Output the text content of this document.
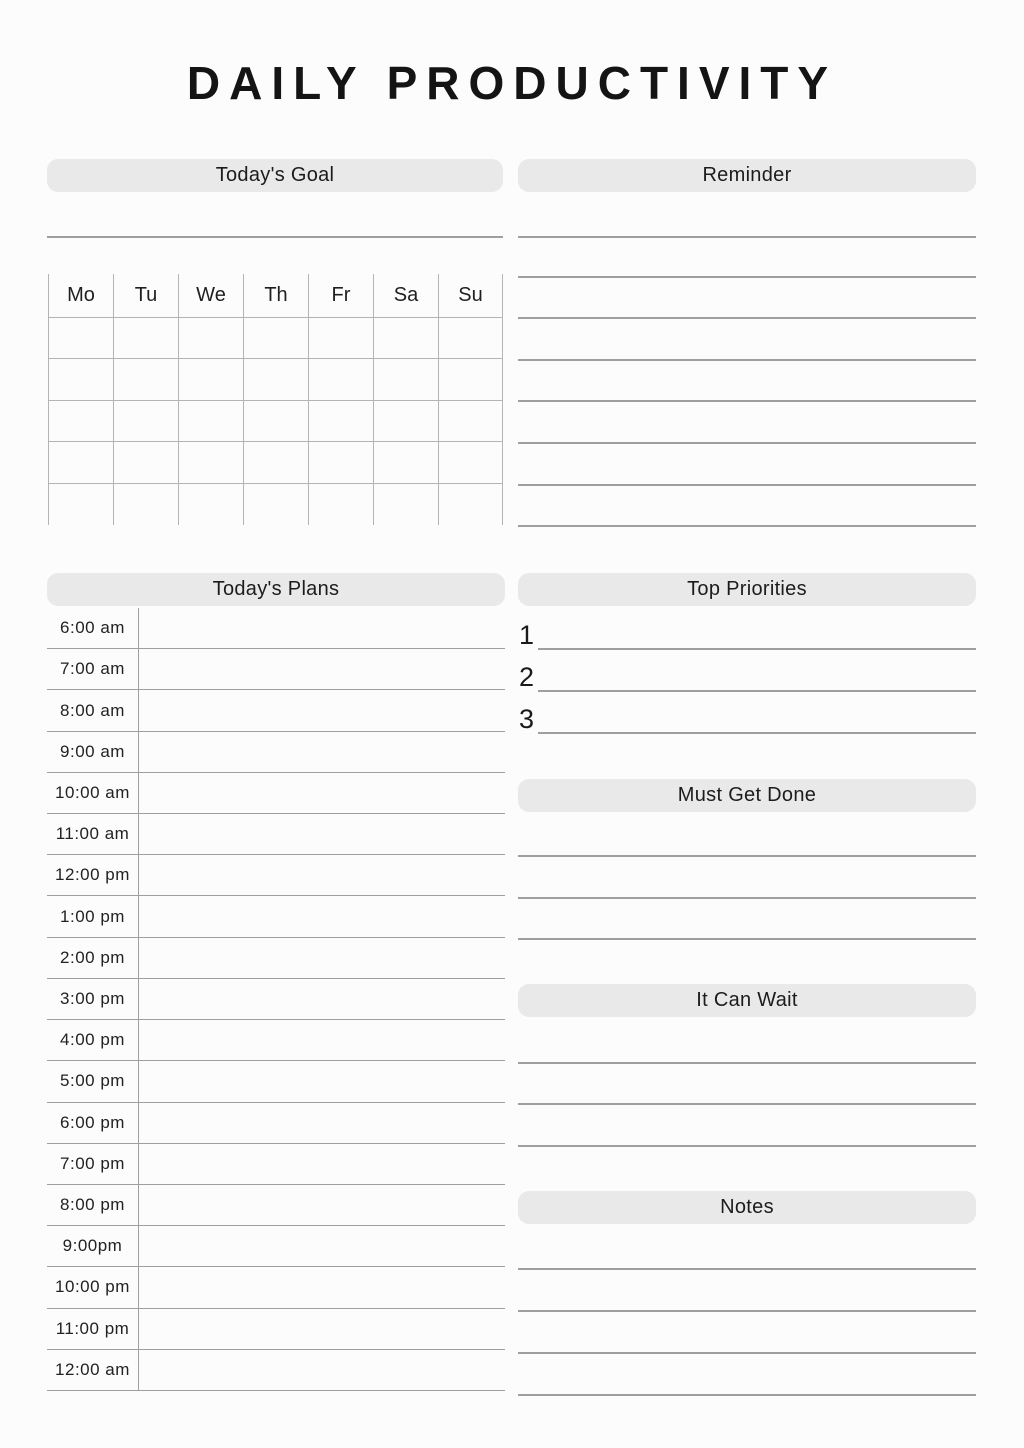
DAILY PRODUCTIVITY
Today's Goal	Reminder
Today's Plans	Top Priorities
Must Get Done
It Can Wait
Notes
Mo	Tu	We	Th	Fr	Sa	Su
6:00 am
7:00 am
8:00 am
9:00 am
10:00 am
11:00 am
12:00 pm
1:00 pm
2:00 pm
3:00 pm
4:00 pm
5:00 pm
6:00 pm
7:00 pm
8:00 pm
9:00pm
10:00 pm
11:00 pm
12:00 am
1
2
3
